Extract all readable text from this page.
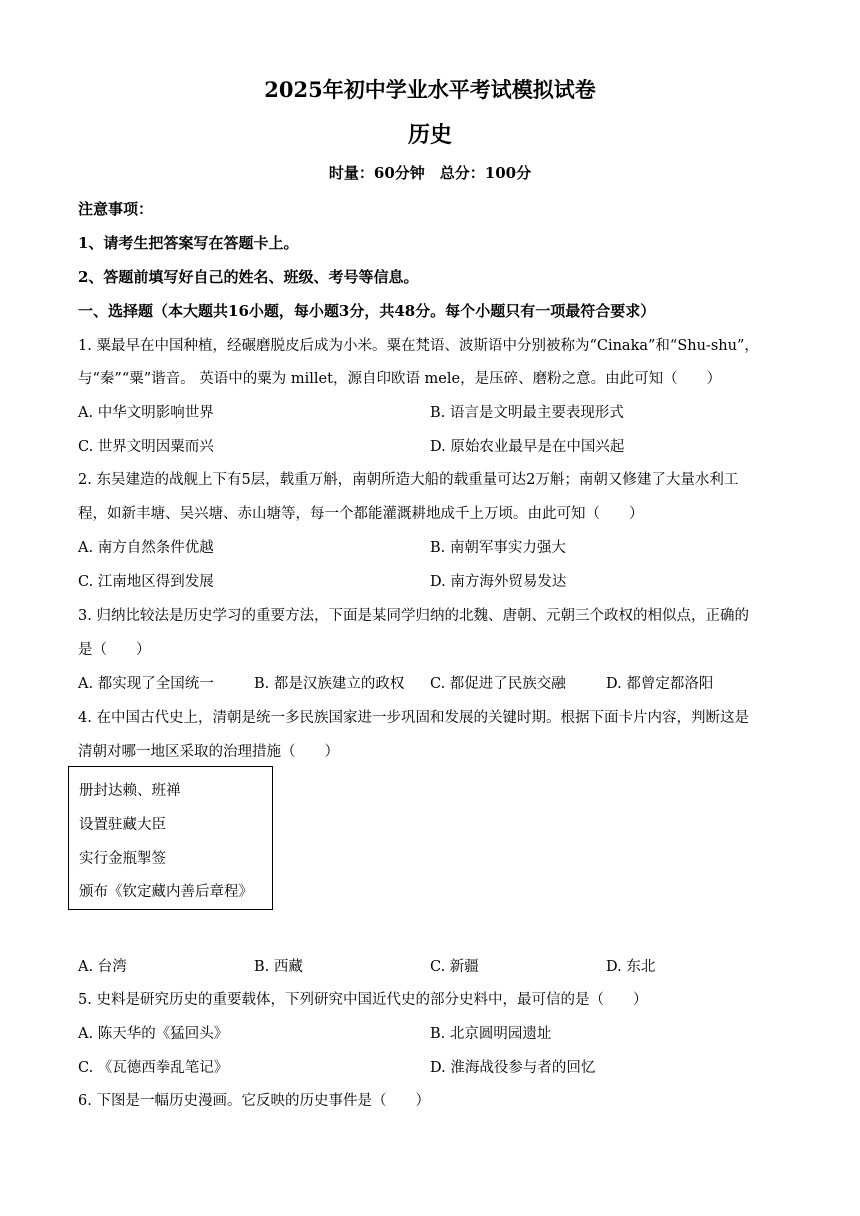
2025年初中学业水平考试模拟试卷
历史
时量：60分钟　总分：100分
注意事项：
1、请考生把答案写在答题卡上。
2、答题前填写好自己的姓名、班级、考号等信息。
一、选择题（本大题共16小题，每小题3分，共48分。每个小题只有一项最符合要求）
1. 粟最早在中国种植，经碾磨脱皮后成为小米。粟在梵语、波斯语中分别被称为“Cinaka”和“Shu-shu”，
与“秦”“粟”谐音。 英语中的粟为 millet，源自印欧语 mele，是压碎、磨粉之意。由此可知（　　）
A. 中华文明影响世界	B. 语言是文明最主要表现形式
C. 世界文明因粟而兴	D. 原始农业最早是在中国兴起
2. 东吴建造的战舰上下有5层，载重万斛，南朝所造大船的载重量可达2万斛；南朝又修建了大量水利工
程，如新丰塘、吴兴塘、赤山塘等，每一个都能灌溉耕地成千上万顷。由此可知（　　）
A. 南方自然条件优越	B. 南朝军事实力强大
C. 江南地区得到发展	D. 南方海外贸易发达
3. 归纳比较法是历史学习的重要方法，下面是某同学归纳的北魏、唐朝、元朝三个政权的相似点，正确的
是（　　）
A. 都实现了全国统一	B. 都是汉族建立的政权 C. 都促进了民族交融	D. 都曾定都洛阳
4. 在中国古代史上，清朝是统一多民族国家进一步巩固和发展的关键时期。根据下面卡片内容，判断这是
清朝对哪一地区采取的治理措施（　　）
册封达赖、班禅
设置驻藏大臣
实行金瓶掣签
颁布《钦定藏内善后章程》
A. 台湾	B. 西藏	C. 新疆	D. 东北
5. 史料是研究历史的重要载体，下列研究中国近代史的部分史料中，最可信的是（　　）
A. 陈天华的《猛回头》	B. 北京圆明园遗址
C. 《瓦德西拳乱笔记》	D. 淮海战役参与者的回忆
6. 下图是一幅历史漫画。它反映的历史事件是（　　）
